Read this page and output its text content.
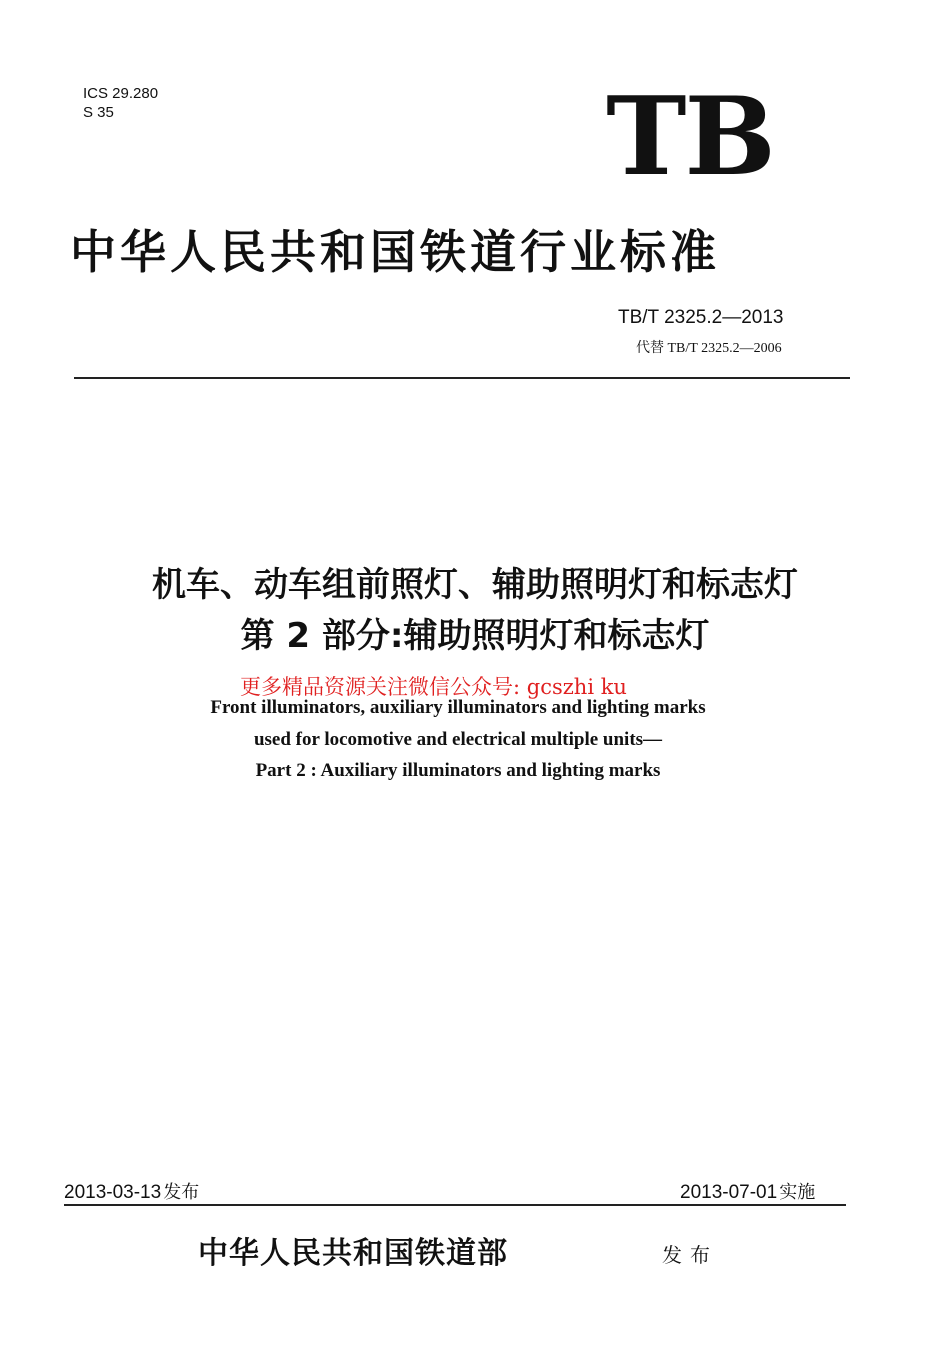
ICS 29.280
S 35	TB
中华人民共和国铁道行业标准
TB/T 2325.2—2013
代替 TB/T 2325.2—2006
机车、动车组前照灯、辅助照明灯和标志灯
第 2 部分:辅助照明灯和标志灯
更多精品资源关注微信公众号: gcszhi ku
Front illuminators, auxiliary illuminators and lighting marks
used for locomotive and electrical multiple units—
Part 2 : Auxiliary illuminators and lighting marks
2013-03-13 发布	2013-07-01 实施
中华人民共和国铁道部	发布
